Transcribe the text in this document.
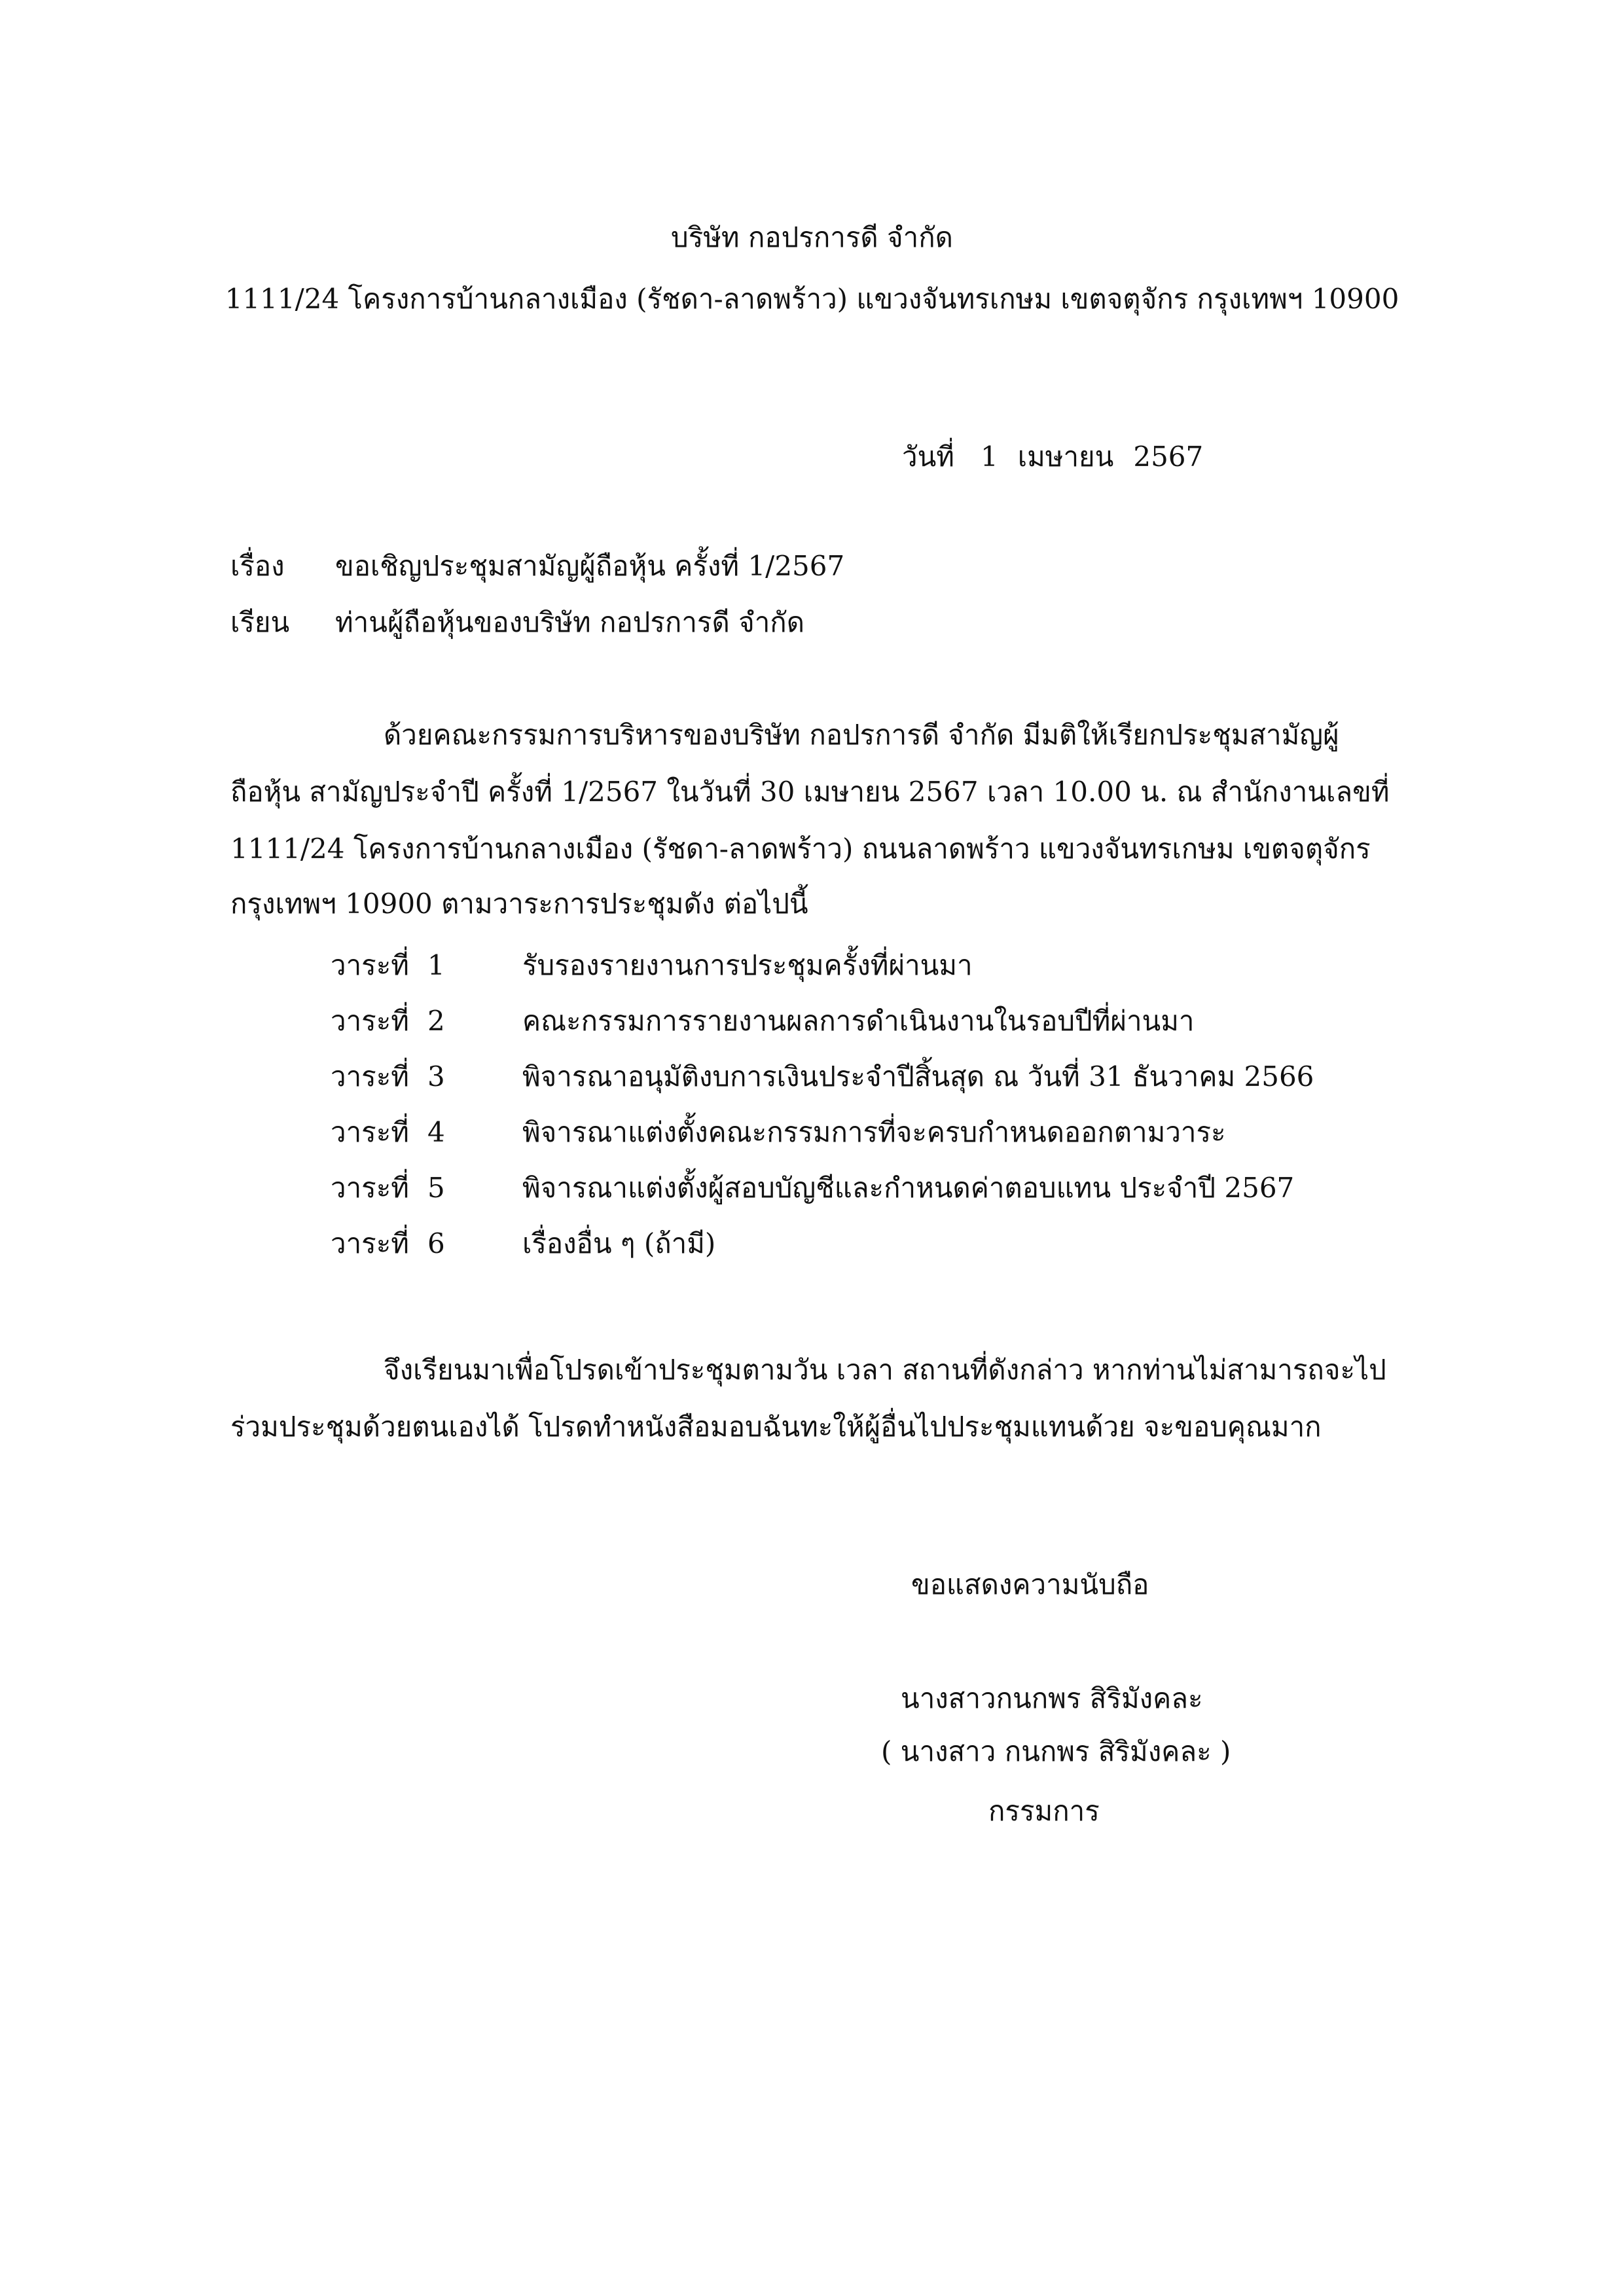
บริษัท กอปรการดี จำกัด
1111/24 โครงการบ้านกลางเมือง (รัชดา-ลาดพร้าว) แขวงจันทรเกษม เขตจตุจักร กรุงเทพฯ 10900
วันที่ 1 เมษายน 2567
เรื่อง ขอเชิญประชุมสามัญผู้ถือหุ้น ครั้งที่ 1/2567
เรียน ท่านผู้ถือหุ้นของบริษัท กอปรการดี จำกัด
ด้วยคณะกรรมการบริหารของบริษัท กอปรการดี จำกัด มีมติให้เรียกประชุมสามัญผู้
ถือหุ้น สามัญประจำปี ครั้งที่ 1/2567 ในวันที่ 30 เมษายน 2567 เวลา 10.00 น. ณ สำนักงานเลขที่
1111/24 โครงการบ้านกลางเมือง (รัชดา-ลาดพร้าว) ถนนลาดพร้าว แขวงจันทรเกษม เขตจตุจักร
กรุงเทพฯ 10900 ตามวาระการประชุมดัง ต่อไปนี้
วาระที่ 1	รับรองรายงานการประชุมครั้งที่ผ่านมา
วาระที่ 2	คณะกรรมการรายงานผลการดำเนินงานในรอบปีที่ผ่านมา
วาระที่ 3	พิจารณาอนุมัติงบการเงินประจำปีสิ้นสุด ณ วันที่ 31 ธันวาคม 2566
วาระที่ 4	พิจารณาแต่งตั้งคณะกรรมการที่จะครบกำหนดออกตามวาระ
วาระที่ 5	พิจารณาแต่งตั้งผู้สอบบัญชีและกำหนดค่าตอบแทน ประจำปี 2567
วาระที่ 6	เรื่องอื่น ๆ (ถ้ามี)
จึงเรียนมาเพื่อโปรดเข้าประชุมตามวัน เวลา สถานที่ดังกล่าว หากท่านไม่สามารถจะไป
ร่วมประชุมด้วยตนเองได้ โปรดทำหนังสือมอบฉันทะให้ผู้อื่นไปประชุมแทนด้วย จะขอบคุณมาก
ขอแสดงความนับถือ
นางสาวกนกพร สิริมังคละ
( นางสาว กนกพร สิริมังคละ )
กรรมการ
